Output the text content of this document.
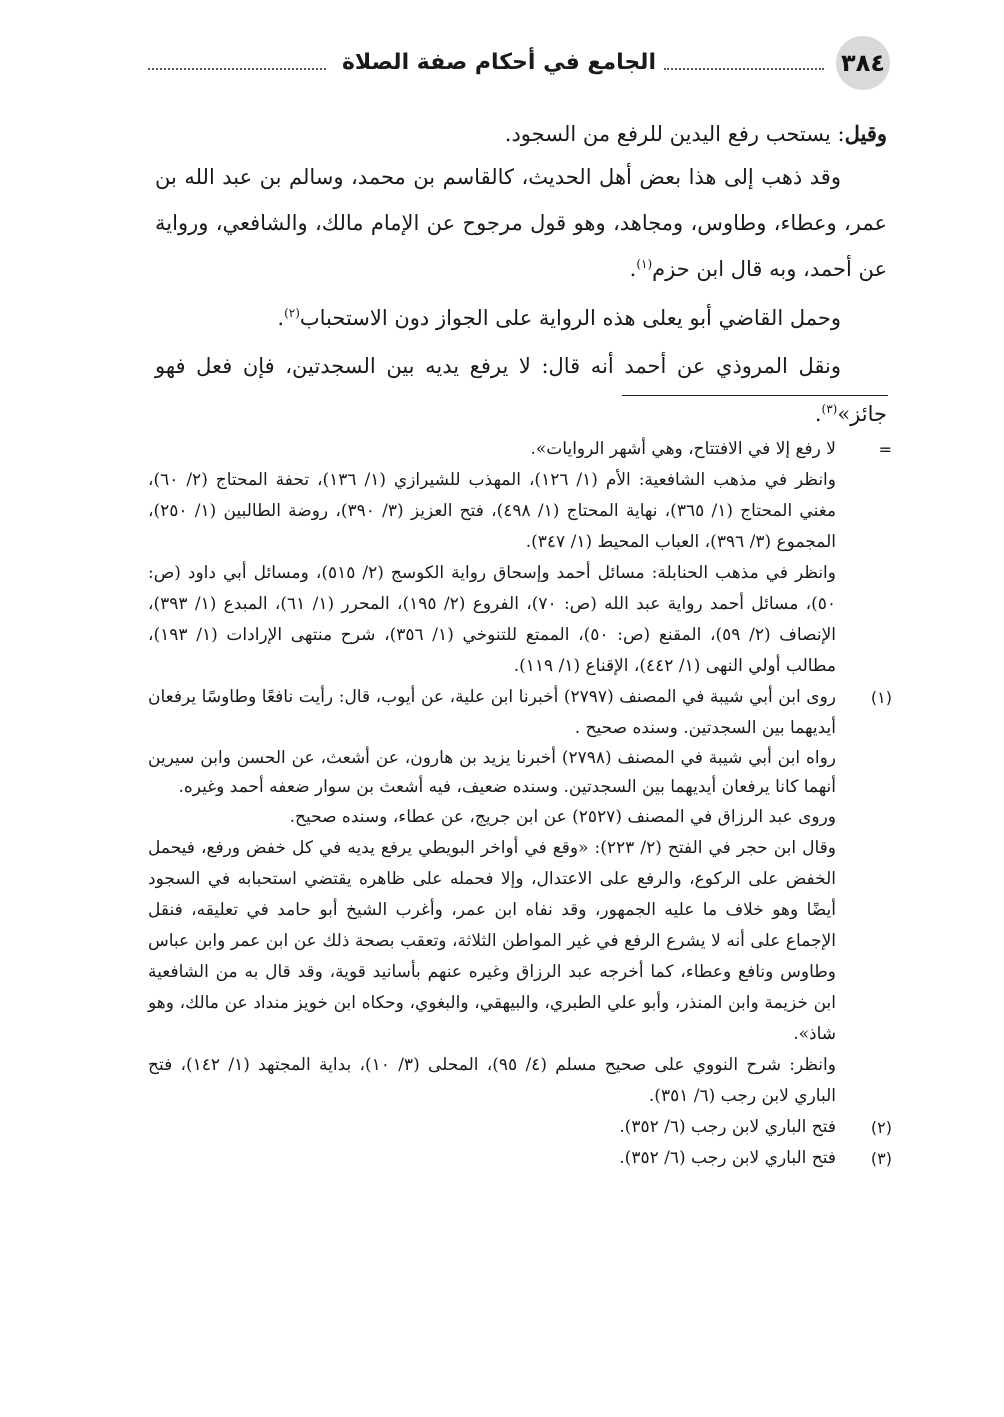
٣٨٤
الجامع في أحكام صفة الصلاة

وقيل: يستحب رفع اليدين للرفع من السجود.

وقد ذهب إلى هذا بعض أهل الحديث، كالقاسم بن محمد، وسالم بن عبد الله بن عمر، وعطاء، وطاوس، ومجاهد، وهو قول مرجوح عن الإمام مالك، والشافعي، ورواية عن أحمد، وبه قال ابن حزم$^{(١)}$.

وحمل القاضي أبو يعلى هذه الرواية على الجواز دون الاستحباب$^{(٢)}$.

ونقل المروذي عن أحمد أنه قال: لا يرفع يديه بين السجدتين، فإن فعل فهو جائز»$^{(٣)}$.

=

لا رفع إلا في الافتتاح، وهي أشهر الروايات».

وانظر في مذهب الشافعية: الأم (١/ ١٢٦)، المهذب للشيرازي (١/ ١٣٦)، تحفة المحتاج (٢/ ٦٠)، مغني المحتاج (١/ ٣٦٥)، نهاية المحتاج (١/ ٤٩٨)، فتح العزيز (٣/ ٣٩٠)، روضة الطالبين (١/ ٢٥٠)، المجموع (٣/ ٣٩٦)، العباب المحيط (١/ ٣٤٧).

وانظر في مذهب الحنابلة: مسائل أحمد وإسحاق رواية الكوسج (٢/ ٥١٥)، ومسائل أبي داود (ص: ٥٠)، مسائل أحمد رواية عبد الله (ص: ٧٠)، الفروع (٢/ ١٩٥)، المحرر (١/ ٦١)، المبدع (١/ ٣٩٣)، الإنصاف (٢/ ٥٩)، المقنع (ص: ٥٠)، الممتع للتنوخي (١/ ٣٥٦)، شرح منتهى الإرادات (١/ ١٩٣)، مطالب أولي النهى (١/ ٤٤٢)، الإقناع (١/ ١١٩).

(١)

روى ابن أبي شيبة في المصنف (٢٧٩٧) أخبرنا ابن علية، عن أيوب، قال: رأيت نافعًا وطاوسًا يرفعان أيديهما بين السجدتين. وسنده صحيح .

رواه ابن أبي شيبة في المصنف (٢٧٩٨) أخبرنا يزيد بن هارون، عن أشعث، عن الحسن وابن سيرين أنهما كانا يرفعان أيديهما بين السجدتين. وسنده ضعيف، فيه أشعث بن سوار ضعفه أحمد وغيره.

وروى عبد الرزاق في المصنف (٢٥٢٧) عن ابن جريج، عن عطاء، وسنده صحيح.

وقال ابن حجر في الفتح (٢/ ٢٢٣): «وقع في أواخر البويطي يرفع يديه في كل خفض ورفع، فيحمل الخفض على الركوع، والرفع على الاعتدال، وإلا فحمله على ظاهره يقتضي استحبابه في السجود أيضًا وهو خلاف ما عليه الجمهور، وقد نفاه ابن عمر، وأغرب الشيخ أبو حامد في تعليقه، فنقل الإجماع على أنه لا يشرع الرفع في غير المواطن الثلاثة، وتعقب بصحة ذلك عن ابن عمر وابن عباس وطاوس ونافع وعطاء، كما أخرجه عبد الرزاق وغيره عنهم بأسانيد قوية، وقد قال به من الشافعية ابن خزيمة وابن المنذر، وأبو علي الطبري، والبيهقي، والبغوي، وحكاه ابن خويز منداد عن مالك، وهو شاذ».

وانظر: شرح النووي على صحيح مسلم (٤/ ٩٥)، المحلى (٣/ ١٠)، بداية المجتهد (١/ ١٤٢)، فتح الباري لابن رجب (٦/ ٣٥١).

(٢)

فتح الباري لابن رجب (٦/ ٣٥٢).

(٣)

فتح الباري لابن رجب (٦/ ٣٥٢).
